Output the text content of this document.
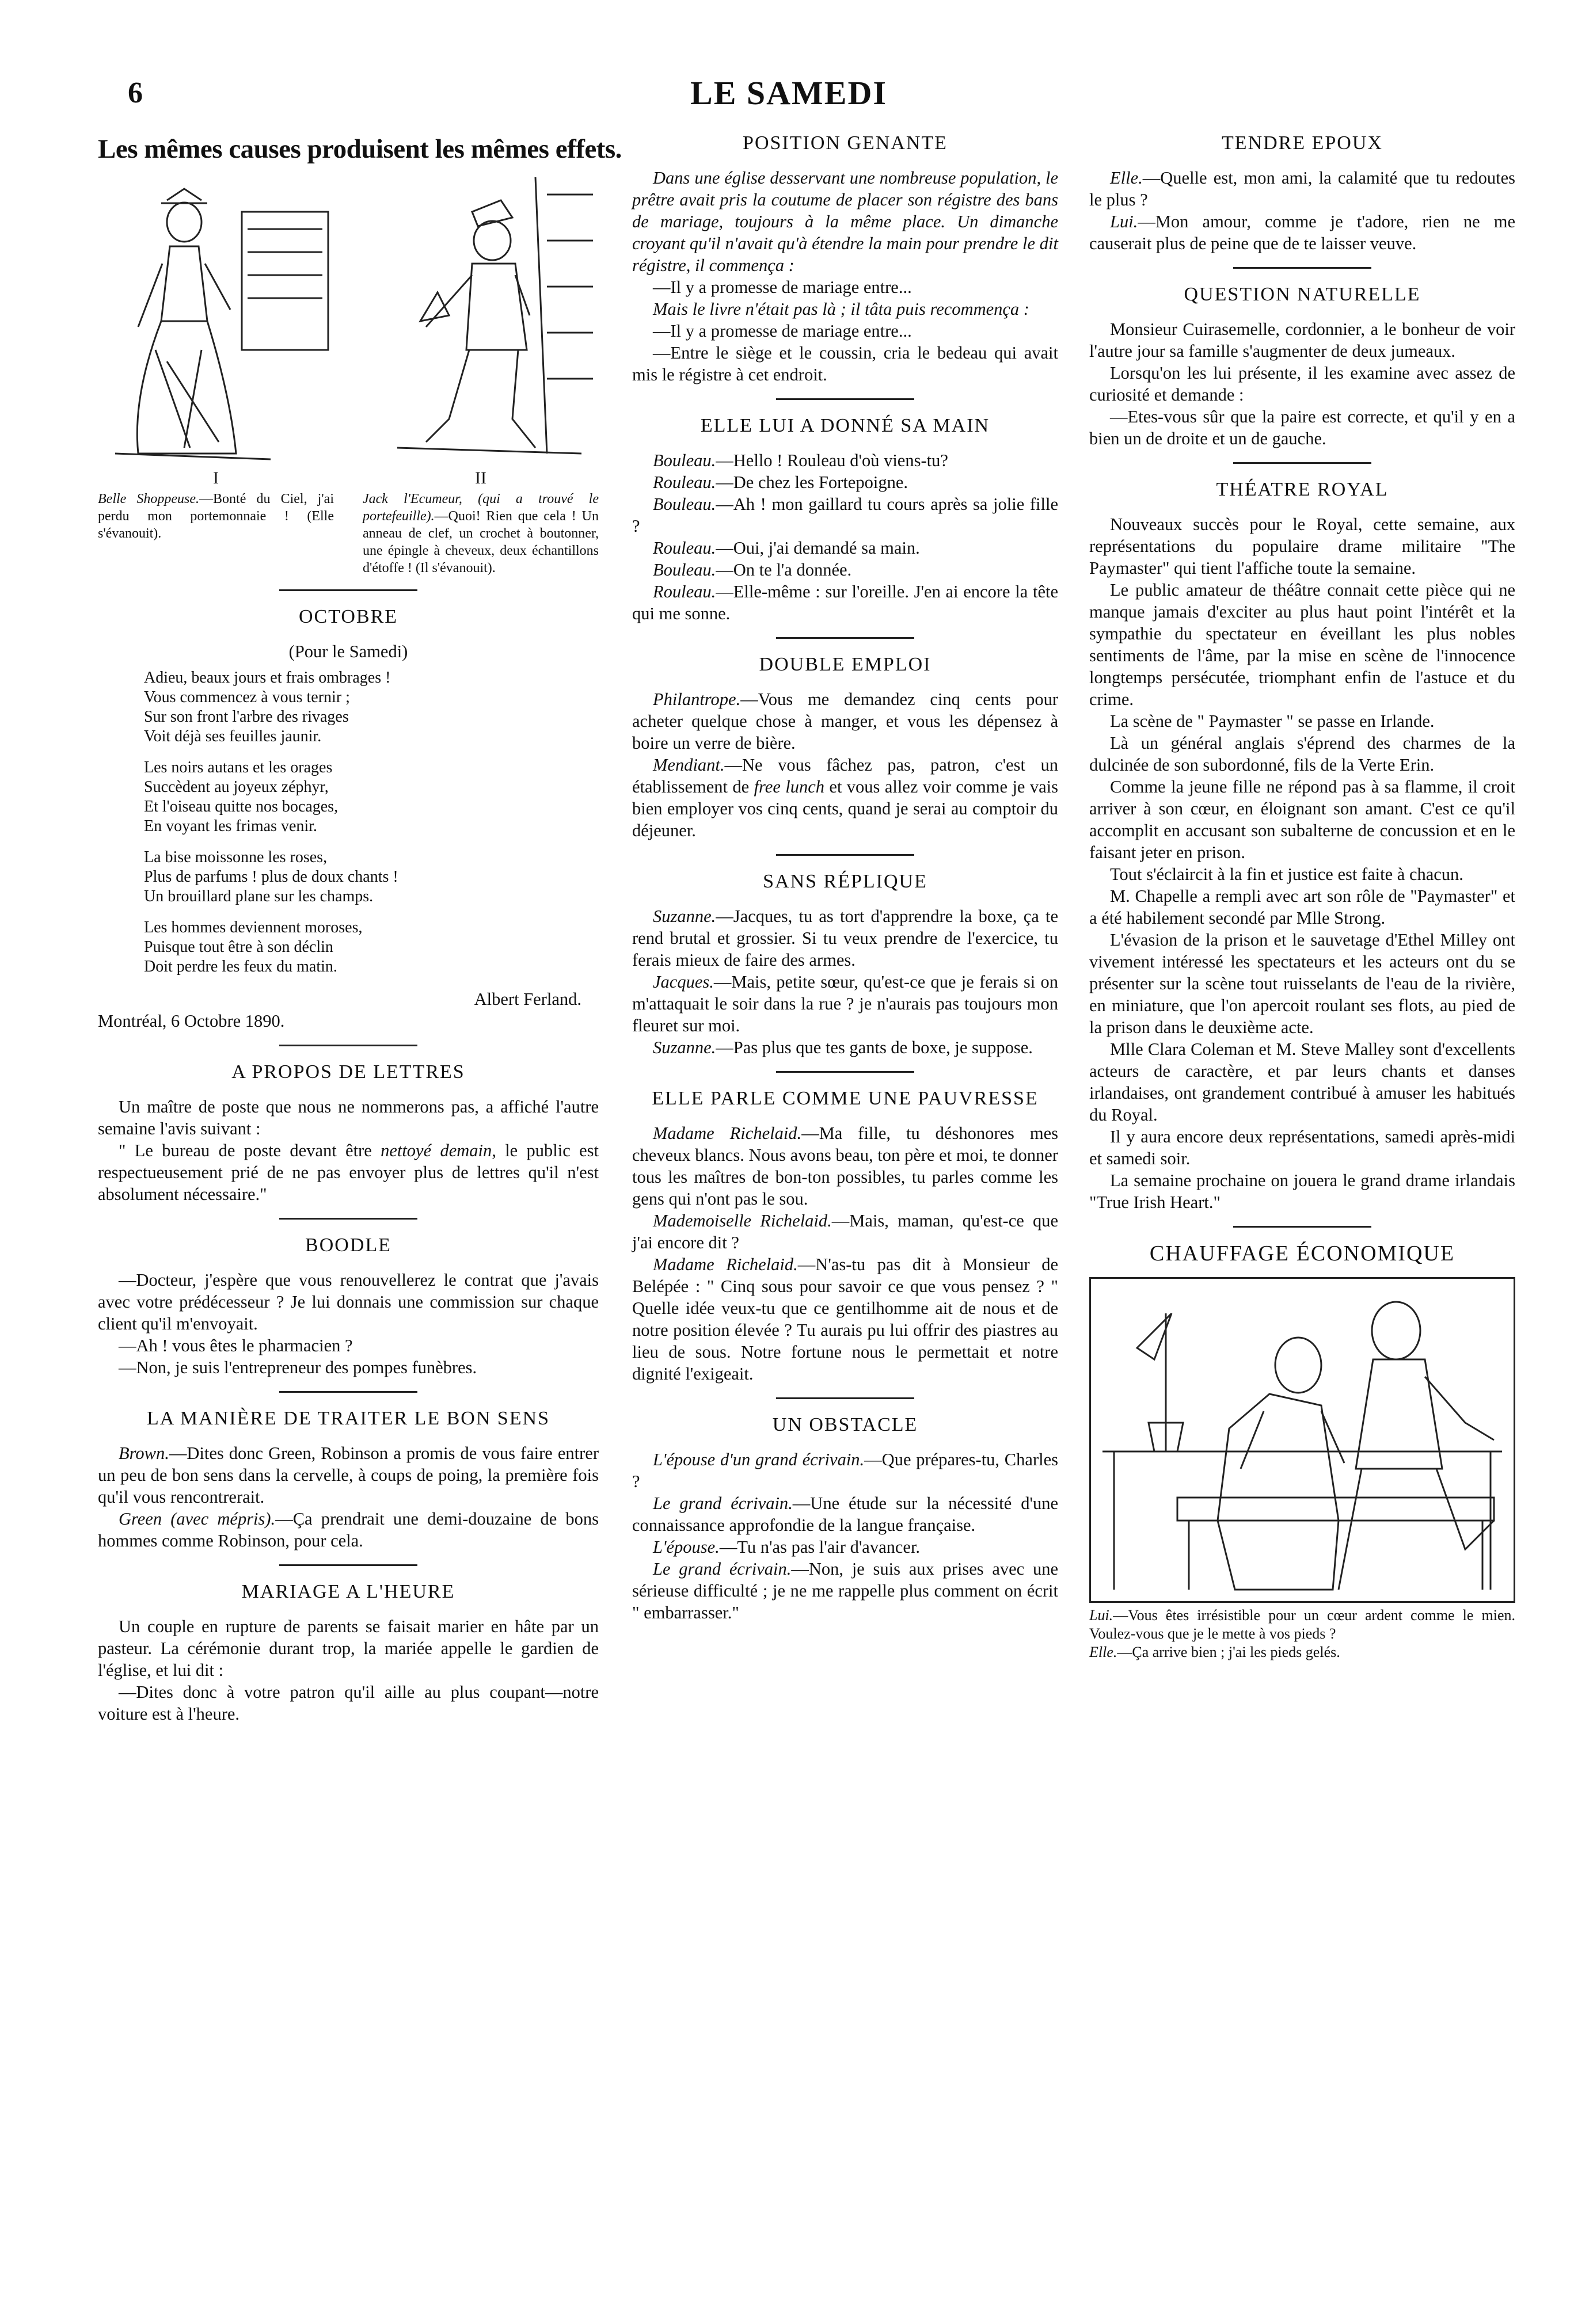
6	LE SAMEDI
Les mêmes causes produisent les mêmes effets.
I
Belle Shoppeuse.—Bonté du Ciel, j'ai perdu mon portemonnaie ! (Elle s'évanouit).
II
Jack l'Ecumeur, (qui a trouvé le portefeuille).—Quoi! Rien que cela ! Un anneau de clef, un crochet à boutonner, une épingle à cheveux, deux échantillons d'étoffe ! (Il s'évanouit).
OCTOBRE
(Pour le Samedi)
Adieu, beaux jours et frais ombrages !
Vous commencez à vous ternir ;
Sur son front l'arbre des rivages
Voit déjà ses feuilles jaunir.
Les noirs autans et les orages
Succèdent au joyeux zéphyr,
Et l'oiseau quitte nos bocages,
En voyant les frimas venir.
La bise moissonne les roses,
Plus de parfums ! plus de doux chants !
Un brouillard plane sur les champs.
Les hommes deviennent moroses,
Puisque tout être à son déclin
Doit perdre les feux du matin.
Albert Ferland.
Montréal, 6 Octobre 1890.
A PROPOS DE LETTRES

Un maître de poste que nous ne nommerons pas, a affiché l'autre semaine l'avis suivant :

" Le bureau de poste devant être nettoyé demain, le public est respectueusement prié de ne pas envoyer plus de lettres qu'il n'est absolument nécessaire."

BOODLE

—Docteur, j'espère que vous renouvellerez le contrat que j'avais avec votre prédécesseur ? Je lui donnais une commission sur chaque client qu'il m'envoyait.

—Ah ! vous êtes le pharmacien ?

—Non, je suis l'entrepreneur des pompes funèbres.

LA MANIÈRE DE TRAITER LE BON SENS

Brown.—Dites donc Green, Robinson a promis de vous faire entrer un peu de bon sens dans la cervelle, à coups de poing, la première fois qu'il vous rencontrerait.

Green (avec mépris).—Ça prendrait une demi-douzaine de bons hommes comme Robinson, pour cela.

MARIAGE A L'HEURE

Un couple en rupture de parents se faisait marier en hâte par un pasteur. La cérémonie durant trop, la mariée appelle le gardien de l'église, et lui dit :

—Dites donc à votre patron qu'il aille au plus coupant—notre voiture est à l'heure.

POSITION GENANTE

Dans une église desservant une nombreuse population, le prêtre avait pris la coutume de placer son régistre des bans de mariage, toujours à la même place. Un dimanche croyant qu'il n'avait qu'à étendre la main pour prendre le dit régistre, il commença :

—Il y a promesse de mariage entre...

Mais le livre n'était pas là ; il tâta puis recommença :

—Il y a promesse de mariage entre...

—Entre le siège et le coussin, cria le bedeau qui avait mis le régistre à cet endroit.

ELLE LUI A DONNÉ SA MAIN

Bouleau.—Hello ! Rouleau d'où viens-tu?

Rouleau.—De chez les Fortepoigne.

Bouleau.—Ah ! mon gaillard tu cours après sa jolie fille ?

Rouleau.—Oui, j'ai demandé sa main.

Bouleau.—On te l'a donnée.

Rouleau.—Elle-même : sur l'oreille. J'en ai encore la tête qui me sonne.

DOUBLE EMPLOI

Philantrope.—Vous me demandez cinq cents pour acheter quelque chose à manger, et vous les dépensez à boire un verre de bière.

Mendiant.—Ne vous fâchez pas, patron, c'est un établissement de free lunch et vous allez voir comme je vais bien employer vos cinq cents, quand je serai au comptoir du déjeuner.

SANS RÉPLIQUE

Suzanne.—Jacques, tu as tort d'apprendre la boxe, ça te rend brutal et grossier. Si tu veux prendre de l'exercice, tu ferais mieux de faire des armes.

Jacques.—Mais, petite sœur, qu'est-ce que je ferais si on m'attaquait le soir dans la rue ? je n'aurais pas toujours mon fleuret sur moi.

Suzanne.—Pas plus que tes gants de boxe, je suppose.

ELLE PARLE COMME UNE PAUVRESSE

Madame Richelaid.—Ma fille, tu déshonores mes cheveux blancs. Nous avons beau, ton père et moi, te donner tous les maîtres de bon-ton possibles, tu parles comme les gens qui n'ont pas le sou.

Mademoiselle Richelaid.—Mais, maman, qu'est-ce que j'ai encore dit ?

Madame Richelaid.—N'as-tu pas dit à Monsieur de Belépée : " Cinq sous pour savoir ce que vous pensez ? " Quelle idée veux-tu que ce gentilhomme ait de nous et de notre position élevée ? Tu aurais pu lui offrir des piastres au lieu de sous. Notre fortune nous le permettait et notre dignité l'exigeait.

UN OBSTACLE

L'épouse d'un grand écrivain.—Que prépares-tu, Charles ?

Le grand écrivain.—Une étude sur la nécessité d'une connaissance approfondie de la langue française.

L'épouse.—Tu n'as pas l'air d'avancer.

Le grand écrivain.—Non, je suis aux prises avec une sérieuse difficulté ; je ne me rappelle plus comment on écrit " embarrasser."

TENDRE EPOUX

Elle.—Quelle est, mon ami, la calamité que tu redoutes le plus ?

Lui.—Mon amour, comme je t'adore, rien ne me causerait plus de peine que de te laisser veuve.

QUESTION NATURELLE

Monsieur Cuirasemelle, cordonnier, a le bonheur de voir l'autre jour sa famille s'augmenter de deux jumeaux.

Lorsqu'on les lui présente, il les examine avec assez de curiosité et demande :

—Etes-vous sûr que la paire est correcte, et qu'il y en a bien un de droite et un de gauche.

THÉATRE ROYAL

Nouveaux succès pour le Royal, cette semaine, aux représentations du populaire drame militaire "The Paymaster" qui tient l'affiche toute la semaine.

Le public amateur de théâtre connait cette pièce qui ne manque jamais d'exciter au plus haut point l'intérêt et la sympathie du spectateur en éveillant les plus nobles sentiments de l'âme, par la mise en scène de l'innocence longtemps persécutée, triomphant enfin de l'astuce et du crime.

La scène de " Paymaster " se passe en Irlande.

Là un général anglais s'éprend des charmes de la dulcinée de son subordonné, fils de la Verte Erin.

Comme la jeune fille ne répond pas à sa flamme, il croit arriver à son cœur, en éloignant son amant. C'est ce qu'il accomplit en accusant son subalterne de concussion et en le faisant jeter en prison.

Tout s'éclaircit à la fin et justice est faite à chacun.

M. Chapelle a rempli avec art son rôle de "Paymaster" et a été habilement secondé par Mlle Strong.

L'évasion de la prison et le sauvetage d'Ethel Milley ont vivement intéressé les spectateurs et les acteurs ont du se présenter sur la scène tout ruisselants de l'eau de la rivière, en miniature, que l'on apercoit roulant ses flots, au pied de la prison dans le deuxième acte.

Mlle Clara Coleman et M. Steve Malley sont d'excellents acteurs de caractère, et par leurs chants et danses irlandaises, ont grandement contribué à amuser les habitués du Royal.

Il y aura encore deux représentations, samedi après-midi et samedi soir.

La semaine prochaine on jouera le grand drame irlandais "True Irish Heart."

CHAUFFAGE ÉCONOMIQUE
Lui.—Vous êtes irrésistible pour un cœur ardent comme le mien. Voulez-vous que je le mette à vos pieds ?
Elle.—Ça arrive bien ; j'ai les pieds gelés.
